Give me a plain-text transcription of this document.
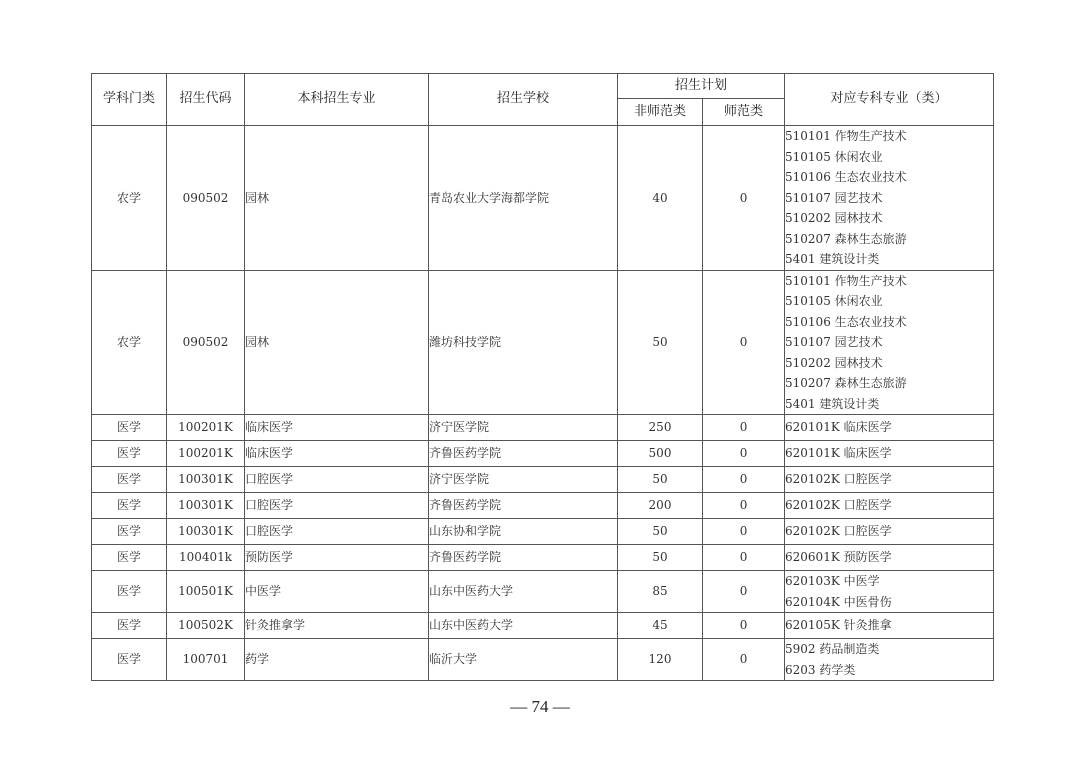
学科门类	招生代码	本科招生专业	招生学校	招生计划		对应专科专业（类）
				非师范类	师范类	
农学	090502	园林	青岛农业大学海都学院	40	0	
510101 作物生产技术
510105 休闲农业
510106 生态农业技术
510107 园艺技术
510202 园林技术
510207 森林生态旅游
5401 建筑设计类

农学	090502	园林	潍坊科技学院	50	0	
510101 作物生产技术
510105 休闲农业
510106 生态农业技术
510107 园艺技术
510202 园林技术
510207 森林生态旅游
5401 建筑设计类

医学	100201K	临床医学	济宁医学院	250	0	620101K 临床医学

医学	100201K	临床医学	齐鲁医药学院	500	0	620101K 临床医学

医学	100301K	口腔医学	济宁医学院	50	0	620102K 口腔医学

医学	100301K	口腔医学	齐鲁医药学院	200	0	620102K 口腔医学

医学	100301K	口腔医学	山东协和学院	50	0	620102K 口腔医学

医学	100401k	预防医学	齐鲁医药学院	50	0	620601K 预防医学

医学	100501K	中医学	山东中医药大学	85	0	620103K 中医学
620104K 中医骨伤

医学	100502K	针灸推拿学	山东中医药大学	45	0	620105K 针灸推拿

医学	100701	药学	临沂大学	120	0	5902 药品制造类
6203 药学类
— 74 —
